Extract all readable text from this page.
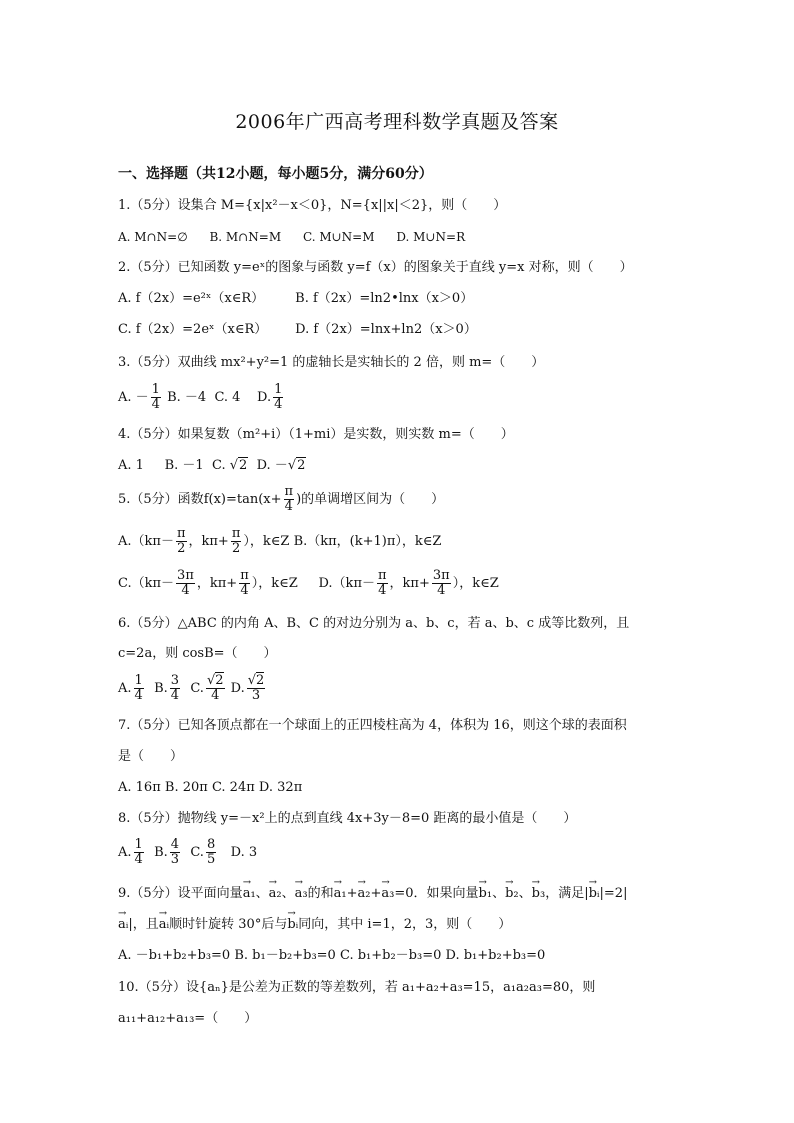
2006年广西高考理科数学真题及答案
一、选择题（共12小题，每小题5分，满分60分）
1.（5分）设集合 M={x|x²－x＜0}，N={x||x|＜2}，则（　　）
A. M∩N=∅ B. M∩N=M C. M∪N=M D. M∪N=R
2.（5分）已知函数 y=eˣ的图象与函数 y=f（x）的图象关于直线 y=x 对称，则（　　）
A. f（2x）=e²ˣ（x∈R） B. f（2x）=ln2•lnx（x＞0）
C. f（2x）=2eˣ（x∈R） D. f（2x）=lnx+ln2（x＞0）
3.（5分）双曲线 mx²+y²=1 的虚轴长是实轴长的 2 倍，则 m=（　　）
A. － $\frac{1}{4} B$. －4 C. 4 D. $\frac{1}{4}$
4.（5分）如果复数（m²+i）（1+mi）是实数，则实数 m=（　　）
A. 1 B. －1 C. √2 D. －√2
5.（5分）函数$f(x)=\tan(x+ \frac{\pi}{4}$ )的单调增区间为（　　）
$A.(k\pi- \frac{\pi}{2}$ ，$k\pi+ \frac{\pi}{2}$ ），k∈Z B.（kπ，(k+1)π），k∈Z
$C.(k\pi- \frac{3\pi}{4}$ ，$k\pi+ \frac{\pi}{4}$ ），k∈Z $D.(k\pi- \frac{\pi}{4}$ ，$k\pi+ \frac{3\pi}{4}$ ），k∈Z
6.（5分）△ABC 的内角 A、B、C 的对边分别为 a、b、c，若 a、b、c 成等比数列，且
c=2a，则 cosB=（　　）
A. $\frac{1}{4} B$. $\frac{3}{4} C$. $\frac{√2}{4} D$. $\frac{√2}{3}$
7.（5分）已知各顶点都在一个球面上的正四棱柱高为 4，体积为 16，则这个球的表面积
是（　　）
A. 16π B. 20π C. 24π D. 32π
8.（5分）抛物线 y=－x²上的点到直线 4x+3y－8=0 距离的最小值是（　　）
A. $\frac{1}{4} B$. $\frac{4}{3} C$. $\frac{8}{5} D$. 3
9.（5分）设平面向量→ a₁、→ a₂、→ a₃的和→ a₁+→ a₂+→ a₃=0．如果向量→ b₁、→ b₂、→ b₃，满足|→ bᵢ|=2|
→ aᵢ|，且→ aᵢ顺时针旋转 30°后与→ bᵢ同向，其中 i=1，2，3，则（　　）
A. －b₁+b₂+b₃=0 B. b₁－b₂+b₃=0 C. b₁+b₂－b₃=0 D. b₁+b₂+b₃=0
10.（5分）设{aₙ}是公差为正数的等差数列，若 a₁+a₂+a₃=15，a₁a₂a₃=80，则
a₁₁+a₁₂+a₁₃=（　　）
